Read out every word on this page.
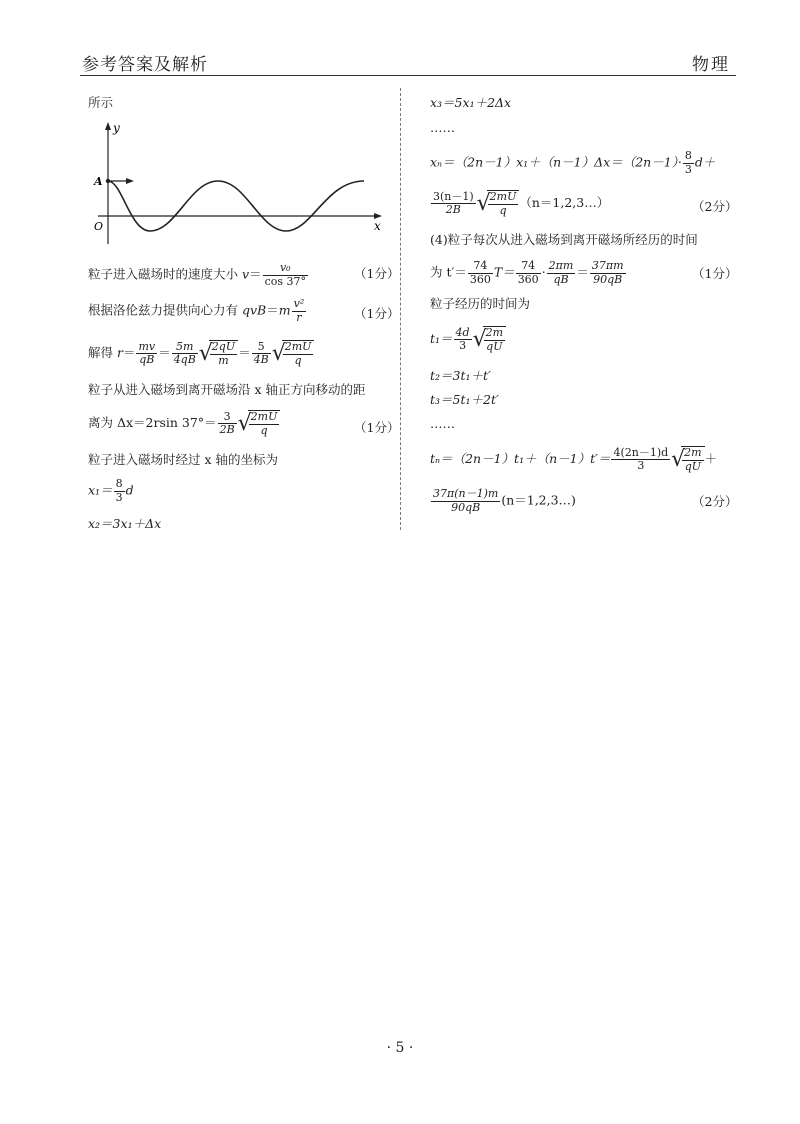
参考答案及解析	物理
所示
y
x
O
A
粒子进入磁场时的速度大小 $v= \frac{\text{v₀}}{\cos 37^\circ}$	（1分）
根据洛伦兹力提供向心力有 $qvB=m \frac{\text{v²}}{r}$	（1分）
解得 $r= \frac{mv}{qB} = \frac{5m}{4qB}$ √
$\frac{2qU}{m} = \frac{5}{4B}$ √
$\frac{2mU}{q}$
粒子从进入磁场到离开磁场沿 x 轴正方向移动的距
离为 Δx＝2rsin $37^\circ= \frac{3}{2B}$ √
$\frac{2mU}{q}$	（1分）
粒子进入磁场时经过 x 轴的坐标为
$x_1= \frac{8}{3}$ d
x₂＝3x₁＋Δx
x₃＝5x₁＋2Δx
……
$x_n=(2n-1)x_1+(n-1)\Delta x=(2n-1)\cdot \frac{8}{3} d+$
$\frac{3(n-1)}{2B}$ √
$\frac{2mU}{q}$ （n＝1,2,3…）	（2分）
(4)粒子每次从进入磁场到离开磁场所经历的时间
为 $t'= \frac{74}{360} T= \frac{74}{360} \cdot \frac{2\pi m}{qB} = \frac{37\pi m}{90qB}$	（1分）
粒子经历的时间为
$t_1= \frac{4d}{3}$ √
$\frac{2m}{qU}$
t₂＝3t₁＋t′
t₃＝5t₁＋2t′
……
$t_n=(2n-1)t_1+(n-1)t'= \frac{4(2n-1)d}{3}$ √
$\frac{2m}{qU}$ ＋
$\frac{37\pi(n-1)m}{90qB}$ (n＝1,2,3…)	（2分）
· 5 ·
